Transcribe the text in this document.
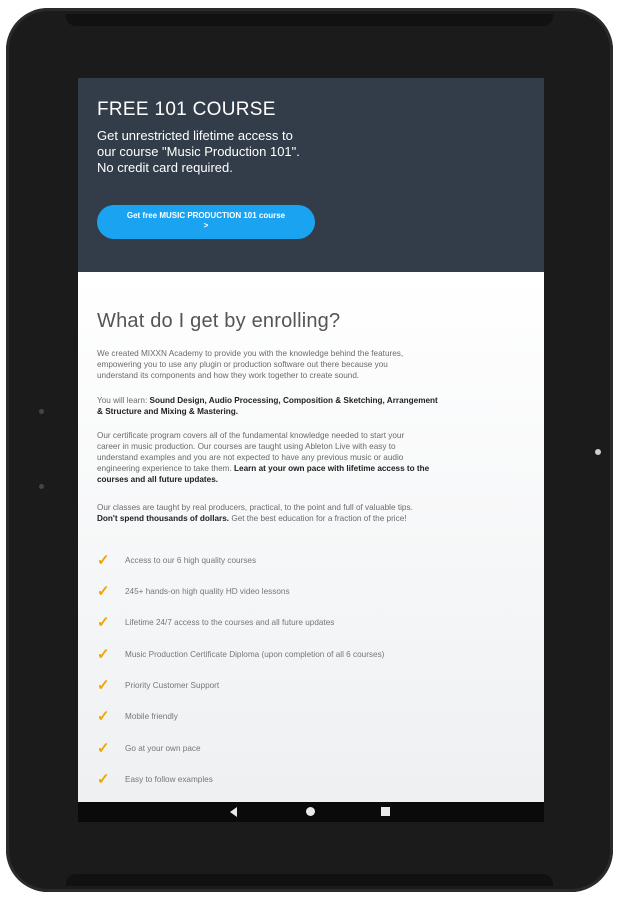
FREE 101 COURSE
Get unrestricted lifetime access to
our course "Music Production 101".
No credit card required.
Get free MUSIC PRODUCTION 101 course
>
What do I get by enrolling?

We created MIXXN Academy to provide you with the knowledge behind the features,
empowering you to use any plugin or production software out there because you
understand its components and how they work together to create sound.

You will learn: Sound Design, Audio Processing, Composition & Sketching, Arrangement
& Structure and Mixing & Mastering.

Our certificate program covers all of the fundamental knowledge needed to start your
career in music production. Our courses are taught using Ableton Live with easy to
understand examples and you are not expected to have any previous music or audio
engineering experience to take them. Learn at your own pace with lifetime access to the
courses and all future updates.

Our classes are taught by real producers, practical, to the point and full of valuable tips.
Don't spend thousands of dollars. Get the best education for a fraction of the price!

✓	Access to our 6 high quality courses
✓	245+ hands-on high quality HD video lessons
✓	Lifetime 24/7 access to the courses and all future updates
✓	Music Production Certificate Diploma (upon completion of all 6 courses)
✓	Priority Customer Support
✓	Mobile friendly
✓	Go at your own pace
✓	Easy to follow examples
